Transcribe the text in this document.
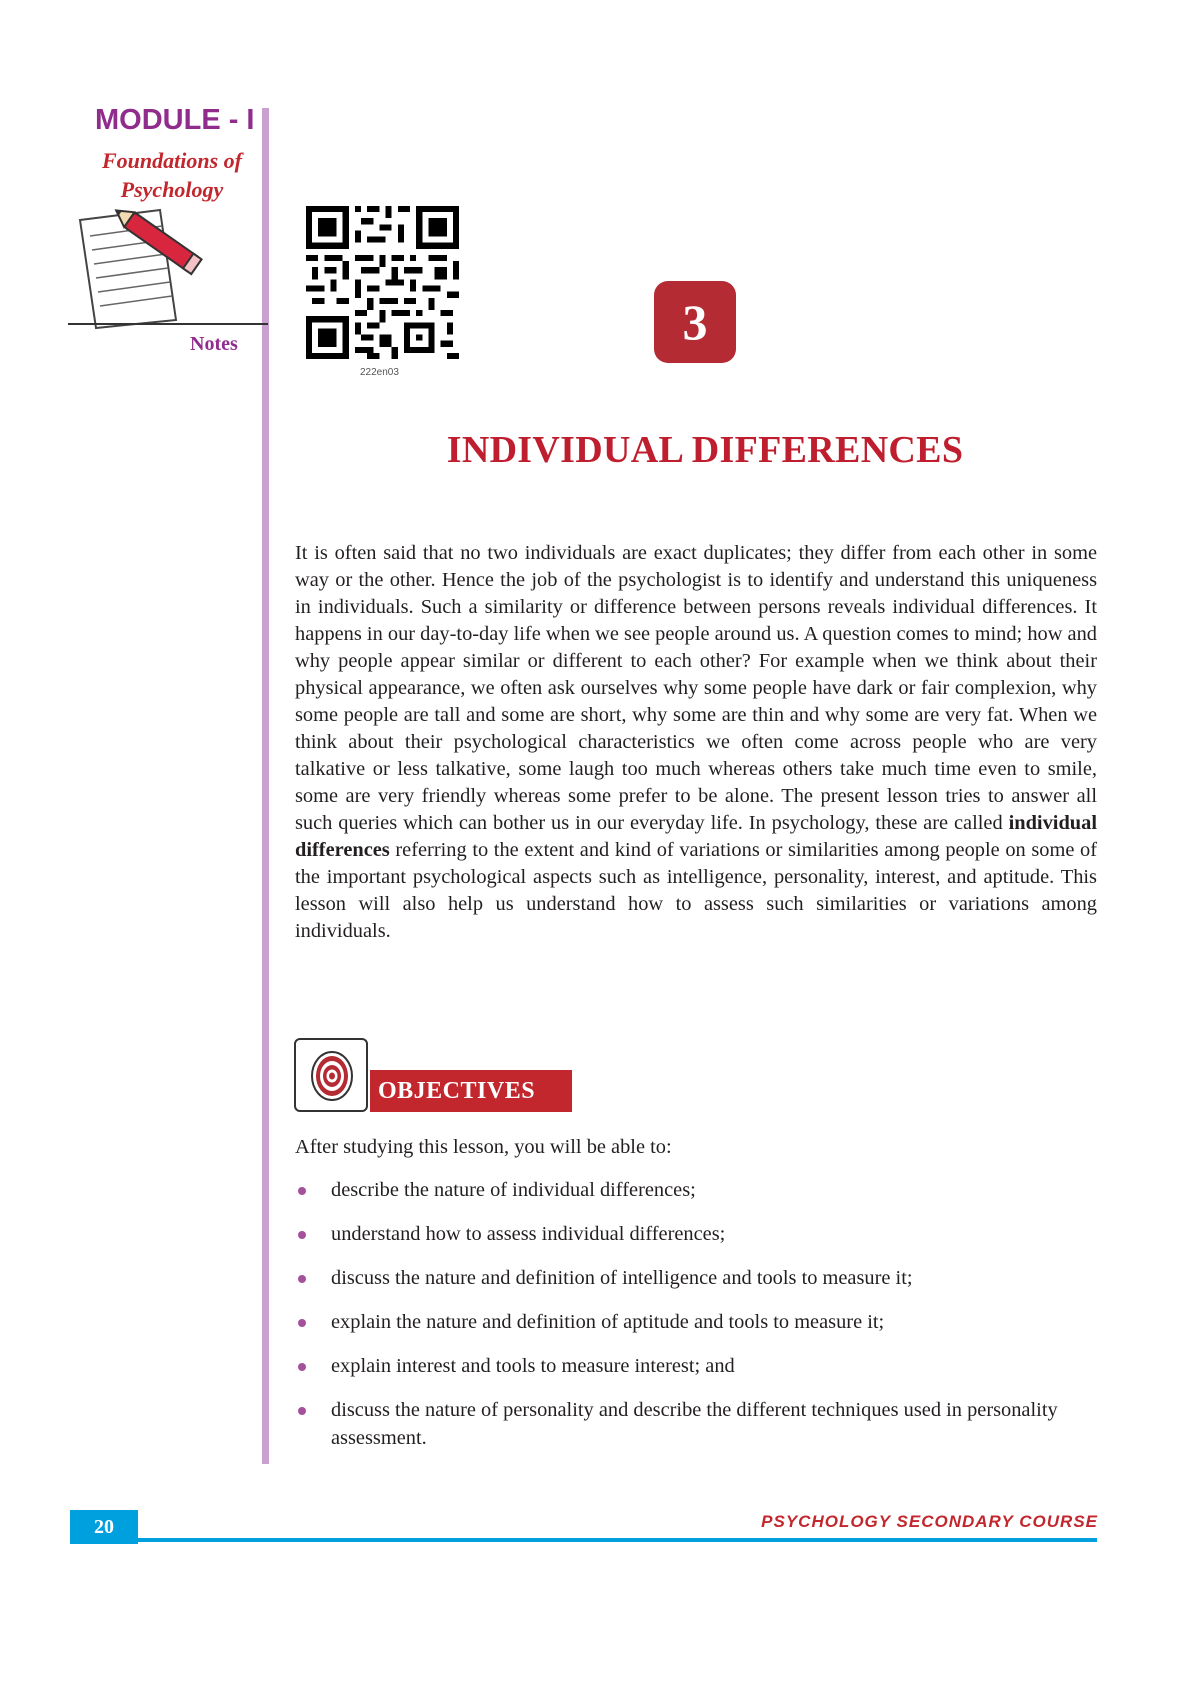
MODULE - I
Foundations of
Psychology
Notes
222en03
3
INDIVIDUAL DIFFERENCES

It is often said that no two individuals are exact duplicates; they differ from each other in some way or the other. Hence the job of the psychologist is to identify and understand this uniqueness in individuals. Such a similarity or difference between persons reveals individual differences. It happens in our day-to-day life when we see people around us. A question comes to mind; how and why people appear similar or different to each other? For example when we think about their physical appearance, we often ask ourselves why some people have dark or fair complexion, why some people are tall and some are short, why some are thin and why some are very fat. When we think about their psychological characteristics we often come across people who are very talkative or less talkative, some laugh too much whereas others take much time even to smile, some are very friendly whereas some prefer to be alone. The present lesson tries to answer all such queries which can bother us in our everyday life. In psychology, these are called individual differences referring to the extent and kind of variations or similarities among people on some of the important psychological aspects such as intelligence, personality, interest, and aptitude. This lesson will also help us understand how to assess such similarities or variations among individuals.

OBJECTIVES
After studying this lesson, you will be able to:
describe the nature of individual differences;
understand how to assess individual differences;
discuss the nature and definition of intelligence and tools to measure it;
explain the nature and definition of aptitude and tools to measure it;
explain interest and tools to measure interest; and
discuss the nature of personality and describe the different techniques used in personality assessment.
20	PSYCHOLOGY SECONDARY COURSE
